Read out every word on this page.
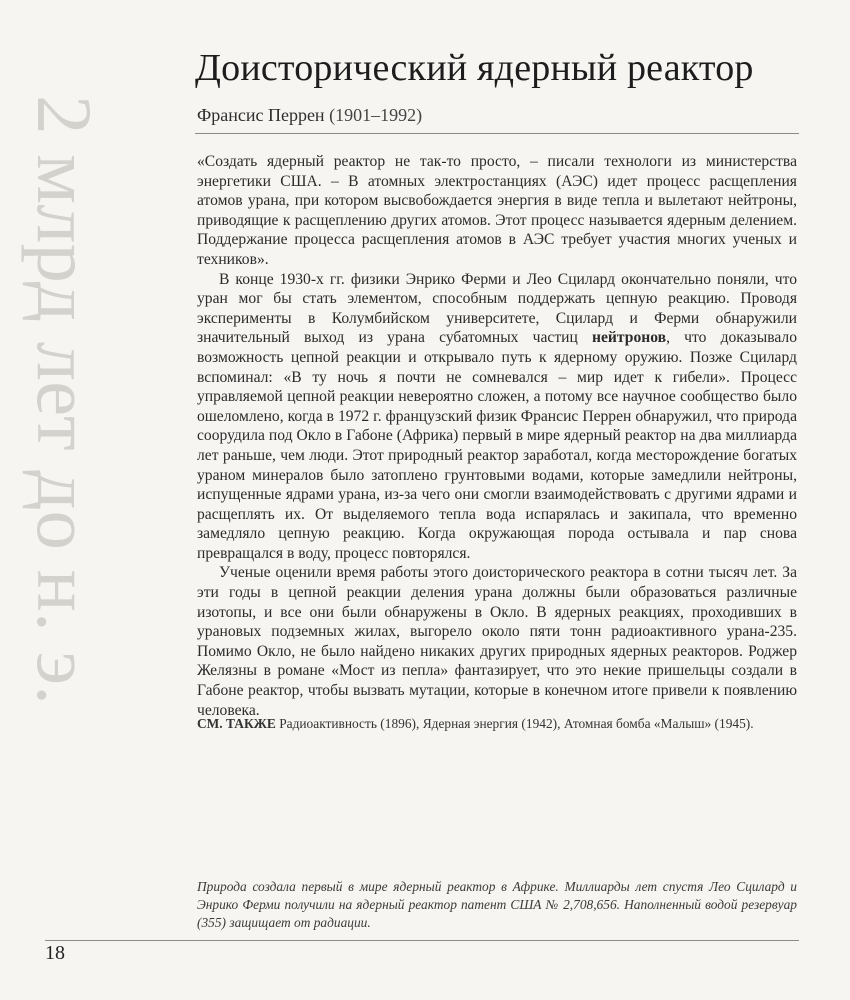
2 млрд лет до н. э.
Доисторический ядерный реактор
Франсис Перрен (1901–1992)

«Создать ядерный реактор не так-то просто, – писали технологи из министерства энергетики США. – В атомных электростанциях (АЭС) идет процесс расщепления атомов урана, при котором высвобождается энергия в виде тепла и вылетают нейтроны, приводящие к расщеплению других атомов. Этот процесс называется ядерным делением. Поддержание процесса расщепления атомов в АЭС требует участия многих ученых и техников».

В конце 1930-х гг. физики Энрико Ферми и Лео Сцилард окончательно поняли, что уран мог бы стать элементом, способным поддержать цепную реакцию. Проводя эксперименты в Колумбийском университете, Сцилард и Ферми обнаружили значительный выход из урана субатомных частиц нейтронов, что доказывало возможность цепной реакции и открывало путь к ядерному оружию. Позже Сцилард вспоминал: «В ту ночь я почти не сомневался – мир идет к гибели». Процесс управляемой цепной реакции невероятно сложен, а потому все научное сообщество было ошеломлено, когда в 1972 г. французский физик Франсис Перрен обнаружил, что природа соорудила под Окло в Габоне (Африка) первый в мире ядерный реактор на два миллиарда лет раньше, чем люди. Этот природный реактор заработал, когда месторождение богатых ураном минералов было затоплено грунтовыми водами, которые замедлили нейтроны, испущенные ядрами урана, из-за чего они смогли взаимодействовать с другими ядрами и расщеплять их. От выделяемого тепла вода испарялась и закипала, что временно замедляло цепную реакцию. Когда окружающая порода остывала и пар снова превращался в воду, процесс повторялся.

Ученые оценили время работы этого доисторического реактора в сотни тысяч лет. За эти годы в цепной реакции деления урана должны были образоваться различные изотопы, и все они были обнаружены в Окло. В ядерных реакциях, проходивших в урановых подземных жилах, выгорело около пяти тонн радиоактивного урана-235. Помимо Окло, не было найдено никаких других природных ядерных реакторов. Роджер Желязны в романе «Мост из пепла» фантазирует, что это некие пришельцы создали в Габоне реактор, чтобы вызвать мутации, которые в конечном итоге привели к появлению человека.

СМ. ТАКЖЕ Радиоактивность (1896), Ядерная энергия (1942), Атомная бомба «Малыш» (1945).
Природа создала первый в мире ядерный реактор в Африке. Миллиарды лет спустя Лео Сцилард и Энрико Ферми получили на ядерный реактор патент США № 2,708,656. Наполненный водой резервуар (355) защищает от радиации.
18
